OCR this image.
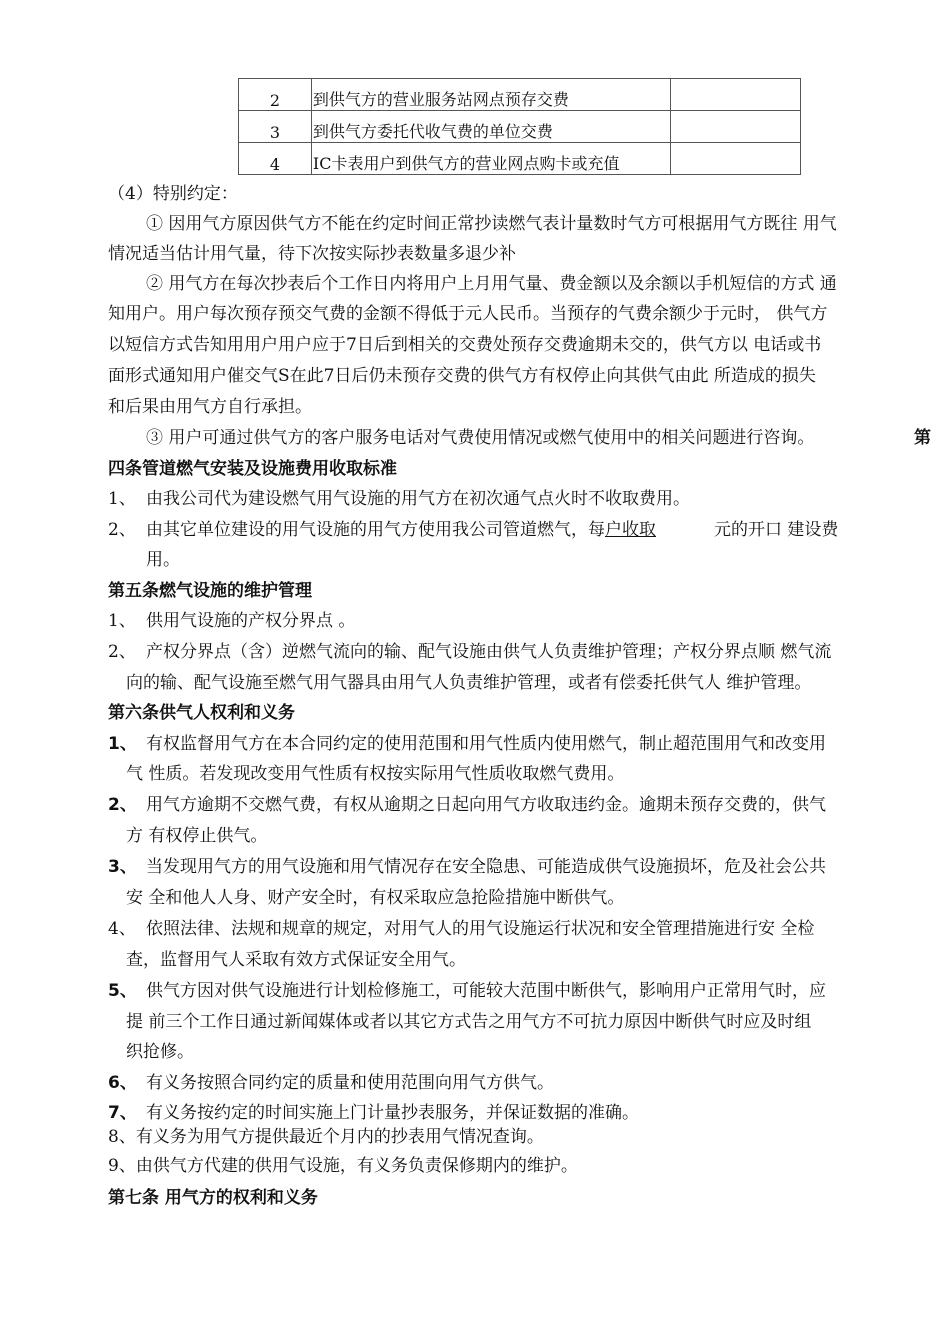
2	到供气方的营业服务站网点预存交费	
3	到供气方委托代收气费的单位交费	
4	IC卡表用户到供气方的营业网点购卡或充值	
（4）特别约定：
① 因用气方原因供气方不能在约定时间正常抄读燃气表计量数时气方可根据用气方既往 用气
情况适当估计用气量，待下次按实际抄表数量多退少补
② 用气方在每次抄表后个工作日内将用户上月用气量、费金额以及余额以手机短信的方式 通
知用户。用户每次预存预交气费的金额不得低于元人民币。当预存的气费余额少于元时， 供气方
以短信方式告知用用户用户应于7日后到相关的交费处预存交费逾期未交的，供气方以 电话或书
面形式通知用户催交气S在此7日后仍未预存交费的供气方有权停止向其供气由此 所造成的损失
和后果由用气方自行承担。
③ 用户可通过供气方的客户服务电话对气费使用情况或燃气使用中的相关问题进行咨询。	第
四条管道燃气安装及设施费用收取标准
1、 由我公司代为建设燃气用气设施的用气方在初次通气点火时不收取费用。
2、 由其它单位建设的用气设施的用气方使用我公司管道燃气，每户收取	元的开口 建设费
用。
第五条燃气设施的维护管理
1、 供用气设施的产权分界点 。
2、 产权分界点（含）逆燃气流向的输、配气设施由供气人负责维护管理；产权分界点顺 燃气流
向的输、配气设施至燃气用气器具由用气人负责维护管理，或者有偿委托供气人 维护管理。
第六条供气人权利和义务
1、 有权监督用气方在本合同约定的使用范围和用气性质内使用燃气，制止超范围用气和改变用
气 性质。若发现改变用气性质有权按实际用气性质收取燃气费用。
2、 用气方逾期不交燃气费，有权从逾期之日起向用气方收取违约金。逾期未预存交费的，供气
方 有权停止供气。
3、 当发现用气方的用气设施和用气情况存在安全隐患、可能造成供气设施损坏，危及社会公共
安 全和他人人身、财产安全时，有权采取应急抢险措施中断供气。
4、 依照法律、法规和规章的规定，对用气人的用气设施运行状况和安全管理措施进行安 全检
查，监督用气人采取有效方式保证安全用气。
5、 供气方因对供气设施进行计划检修施工，可能较大范围中断供气，影响用户正常用气时，应
提 前三个工作日通过新闻媒体或者以其它方式告之用气方不可抗力原因中断供气时应及时组
织抢修。
6、 有义务按照合同约定的质量和使用范围向用气方供气。
7、 有义务按约定的时间实施上门计量抄表服务，并保证数据的准确。
8、有义务为用气方提供最近个月内的抄表用气情况查询。
9、由供气方代建的供用气设施，有义务负责保修期内的维护。
第七条 用气方的权利和义务
